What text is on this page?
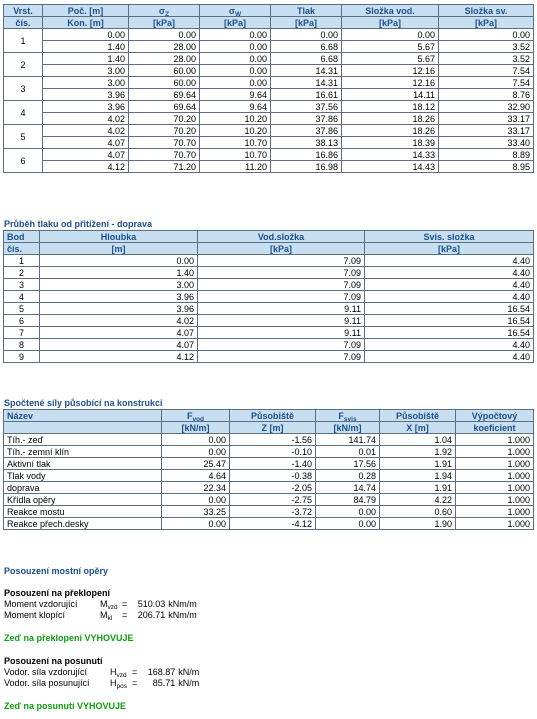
Vrst.	Poč. [m]	$\sigma_Z$	$\sigma_W$	Tlak	Složka vod.	Složka sv.
čís.	Kon. [m]	[kPa]	[kPa]	[kPa]	[kPa]	[kPa]
1	0.00	0.00	0.00	0.00	0.00	0.00
	1.40	28.00	0.00	6.68	5.67	3.52
2	1.40	28.00	0.00	6.68	5.67	3.52
	3.00	60.00	0.00	14.31	12.16	7.54
3	3.00	60.00	0.00	14.31	12.16	7.54
	3.96	69.64	9.64	16.61	14.11	8.76
4	3.96	69.64	9.64	37.56	18.12	32.90
	4.02	70.20	10.20	37.86	18.26	33.17
5	4.02	70.20	10.20	37.86	18.26	33.17
	4.07	70.70	10.70	38.13	18.39	33.40
6	4.07	70.70	10.70	16.86	14.33	8.89
	4.12	71.20	11.20	16.98	14.43	8.95
Průběh tlaku od přitížení - doprava
Bod	Hloubka	Vod.složka	Svis. složka
čís.	[m]	[kPa]	[kPa]
1	0.00	7.09	4.40
2	1.40	7.09	4.40
3	3.00	7.09	4.40
4	3.96	7.09	4.40
5	3.96	9.11	16.54
6	4.02	9.11	16.54
7	4.07	9.11	16.54
8	4.07	7.09	4.40
9	4.12	7.09	4.40
Spočtené síly působící na konstrukci
Název	$F_{vod}$	Působiště	$F_{svis}$	Působiště	Výpočtový
	[kN/m]	Z [m]	[kN/m]	X [m]	koeficient
Tíh.- zeď	0.00	-1.56	141.74	1.04	1.000
Tíh.- zemní klín	0.00	-0.10	0.01	1.92	1.000
Aktivní tlak	25.47	-1.40	17.56	1.91	1.000
Tlak vody	4.64	-0.38	0.28	1.94	1.000
doprava	22.34	-2.05	14.74	1.91	1.000
Křídla opěry	0.00	-2.75	84.79	4.22	1.000
Reakce mostu	33.25	-3.72	0.00	0.60	1.000
Reakce přech.desky	0.00	-4.12	0.00	1.90	1.000
Posouzení mostní opěry
Posouzení na překlopení
Moment vzdorující	$M_{vzd}$ =	510.03 kNm/m
Moment klopící	$M_{kl}$	=	206.71 kNm/m
Zeď na překlopení VYHOVUJE
Posouzení na posunutí
Vodor. síla vzdorující	$H_{vzd}$ =	168.87 kN/m
Vodor. síla posunující	$H_{pos}$ =	85.71 kN/m
Zeď na posunutí VYHOVUJE
